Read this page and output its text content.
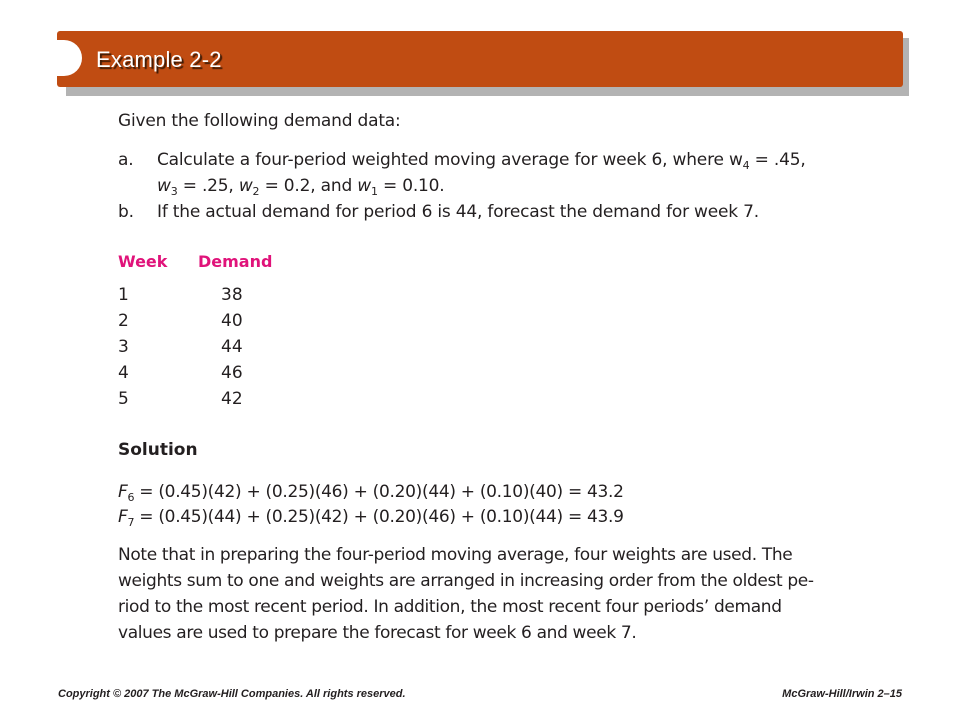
Example 2-2
Given the following demand data:
a. Calculate a four-period weighted moving average for week 6, where $w_4 = .45$,
$w_3 = .25$, $w_2 = 0.2$, and $w_1 = 0.10$.
b. If the actual demand for period 6 is 44, forecast the demand for week 7.
Week Demand
1	38
2	40
3	44
4	46
5	42
Solution
$F_6 = (0.45)(42) + (0.25)(46) + (0.20)(44) + (0.10)(40) = 43.2$
$F_7 = (0.45)(44) + (0.25)(42) + (0.20)(46) + (0.10)(44) = 43.9$
Note that in preparing the four-period moving average, four weights are used. The
weights sum to one and weights are arranged in increasing order from the oldest pe-
riod to the most recent period. In addition, the most recent four periods’ demand
values are used to prepare the forecast for week 6 and week 7.
Copyright © 2007 The McGraw-Hill Companies. All rights reserved.	McGraw-Hill/Irwin 2–15
